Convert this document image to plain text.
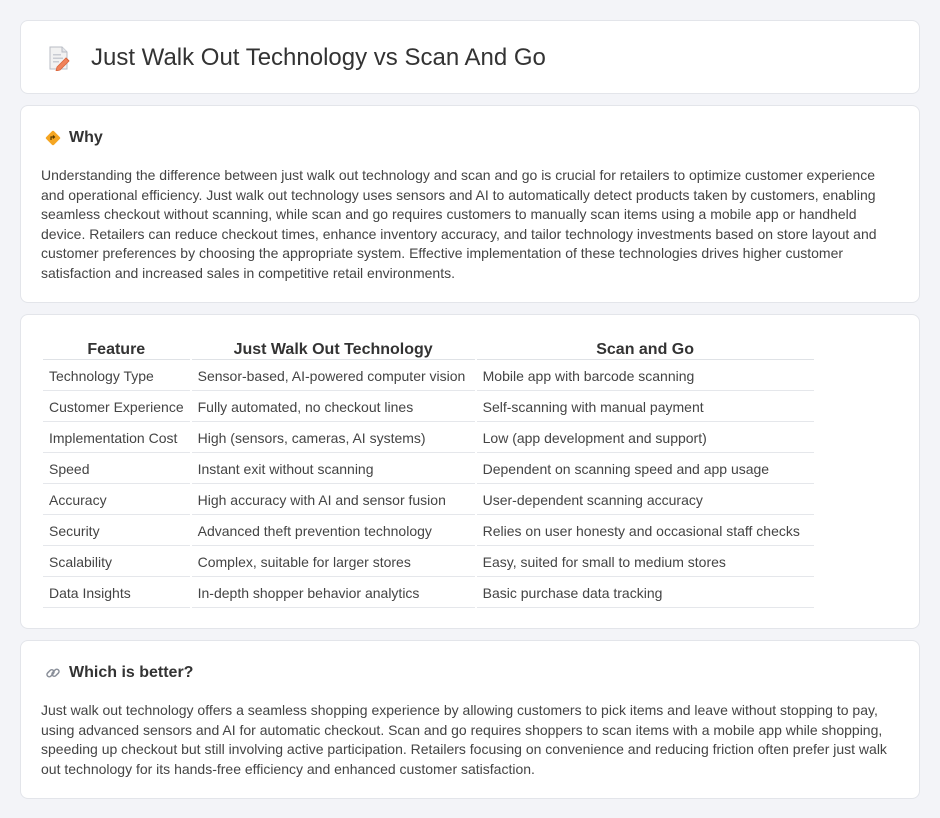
Just Walk Out Technology vs Scan And Go
Why

Understanding the difference between just walk out technology and scan and go is crucial for retailers to optimize customer experience and operational efficiency. Just walk out technology uses sensors and AI to automatically detect products taken by customers, enabling seamless checkout without scanning, while scan and go requires customers to manually scan items using a mobile app or handheld device. Retailers can reduce checkout times, enhance inventory accuracy, and tailor technology investments based on store layout and customer preferences by choosing the appropriate system. Effective implementation of these technologies drives higher customer satisfaction and increased sales in competitive retail environments.

Feature	Just Walk Out Technology	Scan and Go
Technology Type	Sensor-based, AI-powered computer vision	Mobile app with barcode scanning
Customer Experience	Fully automated, no checkout lines	Self-scanning with manual payment
Implementation Cost	High (sensors, cameras, AI systems)	Low (app development and support)
Speed	Instant exit without scanning	Dependent on scanning speed and app usage
Accuracy	High accuracy with AI and sensor fusion	User-dependent scanning accuracy
Security	Advanced theft prevention technology	Relies on user honesty and occasional staff checks
Scalability	Complex, suitable for larger stores	Easy, suited for small to medium stores
Data Insights	In-depth shopper behavior analytics	Basic purchase data tracking
Which is better?

Just walk out technology offers a seamless shopping experience by allowing customers to pick items and leave without stopping to pay, using advanced sensors and AI for automatic checkout. Scan and go requires shoppers to scan items with a mobile app while shopping, speeding up checkout but still involving active participation. Retailers focusing on convenience and reducing friction often prefer just walk out technology for its hands-free efficiency and enhanced customer satisfaction.
